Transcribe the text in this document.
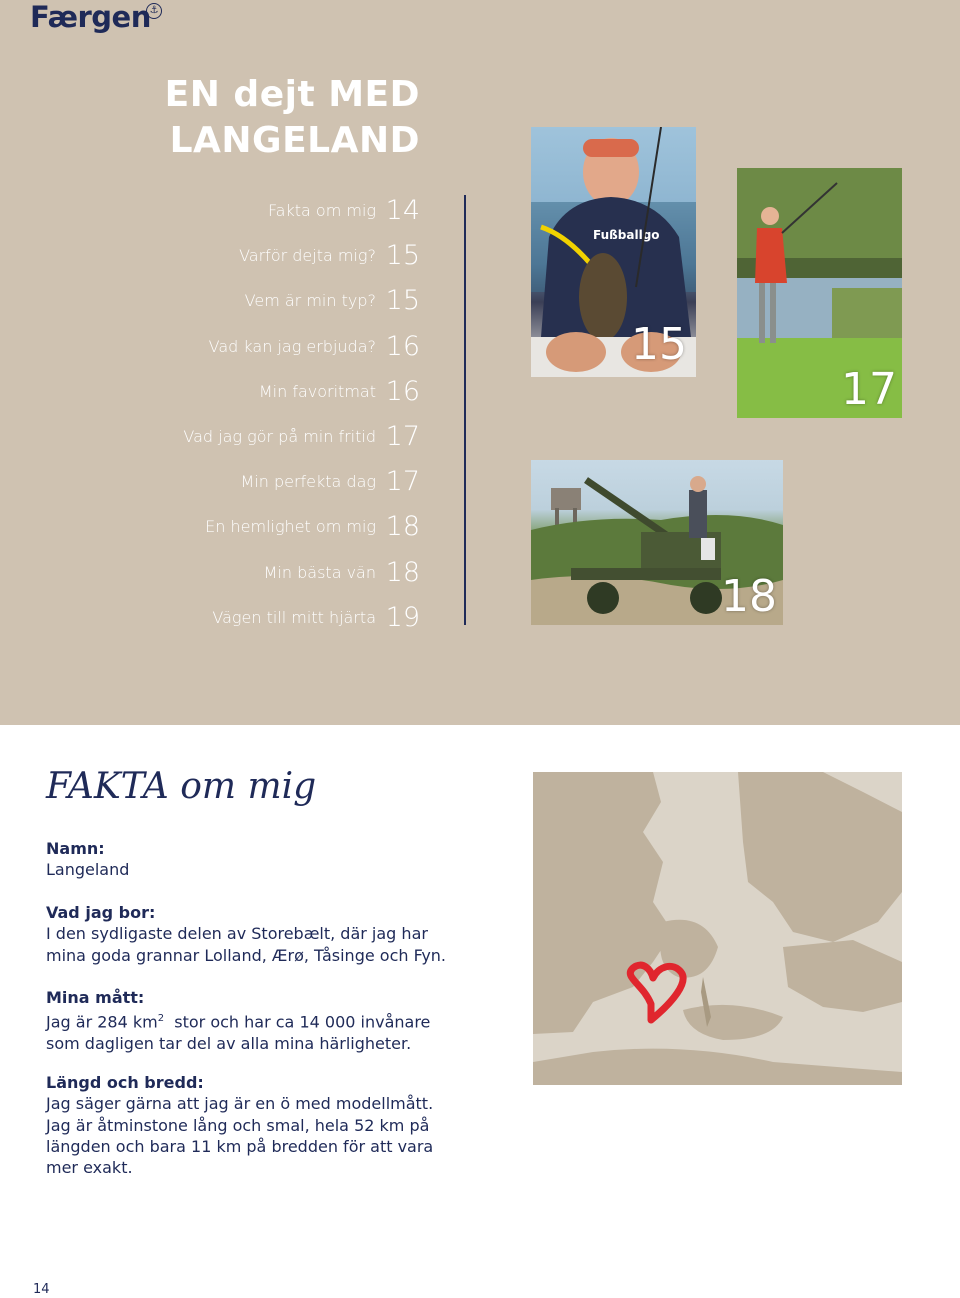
Færgen
⚓
EN dejt MED
LANGELAND
Fakta om mig 14
Varför dejta mig? 15
Vem är min typ? 15
Vad kan jag erbjuda? 16
Min favoritmat 16
Vad jag gör på min fritid 17
Min perfekta dag 17
En hemlighet om mig 18
Min bästa vän 18
Vägen till mitt hjärta 19
Fußballgo
15
17
18
FAKTA om mig
Namn:
Langeland
Vad jag bor:
I den sydligaste delen av Storebælt, där jag har
mina goda grannar Lolland, Ærø, Tåsinge och Fyn.
Mina mått:
Jag är 284 $km^2$  stor och har ca 14 000 invånare
som dagligen tar del av alla mina härligheter.
Längd och bredd:
Jag säger gärna att jag är en ö med modellmått.
Jag är åtminstone lång och smal, hela 52 km på
längden och bara 11 km på bredden för att vara
mer exakt.
14
